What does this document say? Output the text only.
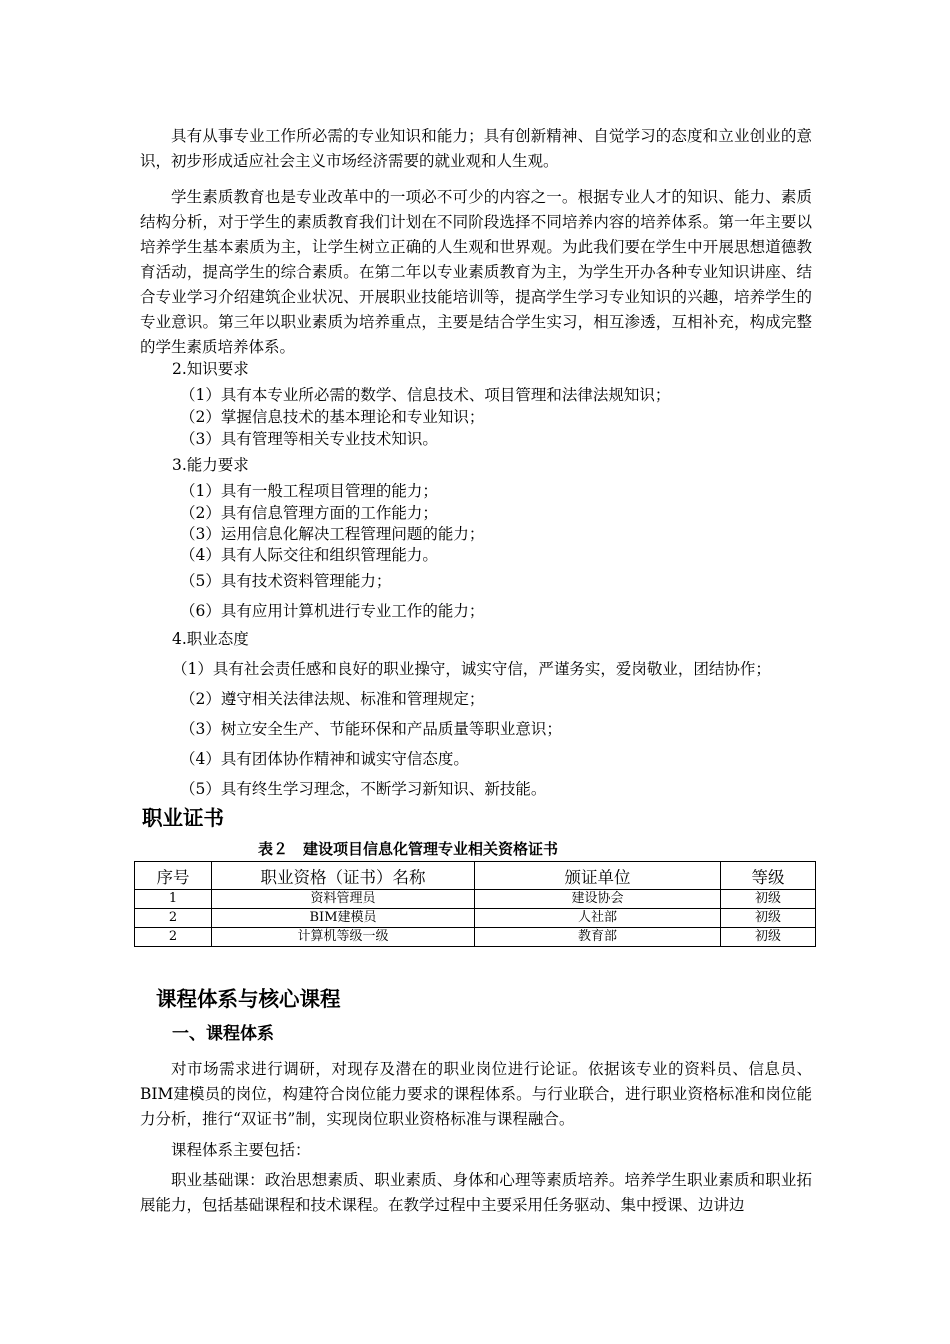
具有从事专业工作所必需的专业知识和能力；具有创新精神、自觉学习的态度和立业创业的意识，初步形成适应社会主义市场经济需要的就业观和人生观。

学生素质教育也是专业改革中的一项必不可少的内容之一。根据专业人才的知识、能力、素质结构分析，对于学生的素质教育我们计划在不同阶段选择不同培养内容的培养体系。第一年主要以培养学生基本素质为主，让学生树立正确的人生观和世界观。为此我们要在学生中开展思想道德教育活动，提高学生的综合素质。在第二年以专业素质教育为主，为学生开办各种专业知识讲座、结合专业学习介绍建筑企业状况、开展职业技能培训等，提高学生学习专业知识的兴趣，培养学生的专业意识。第三年以职业素质为培养重点，主要是结合学生实习，相互渗透，互相补充，构成完整的学生素质培养体系。

2.知识要求
（1）具有本专业所必需的数学、信息技术、项目管理和法律法规知识；
（2）掌握信息技术的基本理论和专业知识；
（3）具有管理等相关专业技术知识。
3.能力要求
（1）具有一般工程项目管理的能力；
（2）具有信息管理方面的工作能力；
（3）运用信息化解决工程管理问题的能力；
（4）具有人际交往和组织管理能力。
（5）具有技术资料管理能力；
（6）具有应用计算机进行专业工作的能力；
4.职业态度
（1）具有社会责任感和良好的职业操守，诚实守信，严谨务实，爱岗敬业，团结协作；
（2）遵守相关法律法规、标准和管理规定；
（3）树立安全生产、节能环保和产品质量等职业意识；
（4）具有团体协作精神和诚实守信态度。
（5）具有终生学习理念，不断学习新知识、新技能。
职业证书
表２　建设项目信息化管理专业相关资格证书
序号	职业资格（证书）名称	颁证单位	等级
1	资料管理员	建设协会	初级
2	BIM建模员	人社部	初级
2	计算机等级一级	教育部	初级
课程体系与核心课程
一、课程体系

对市场需求进行调研，对现存及潜在的职业岗位进行论证。依据该专业的资料员、信息员、BIM建模员的岗位，构建符合岗位能力要求的课程体系。与行业联合，进行职业资格标准和岗位能力分析，推行“双证书”制，实现岗位职业资格标准与课程融合。

课程体系主要包括：

职业基础课：政治思想素质、职业素质、身体和心理等素质培养。培养学生职业素质和职业拓展能力，包括基础课程和技术课程。在教学过程中主要采用任务驱动、集中授课、边讲边
